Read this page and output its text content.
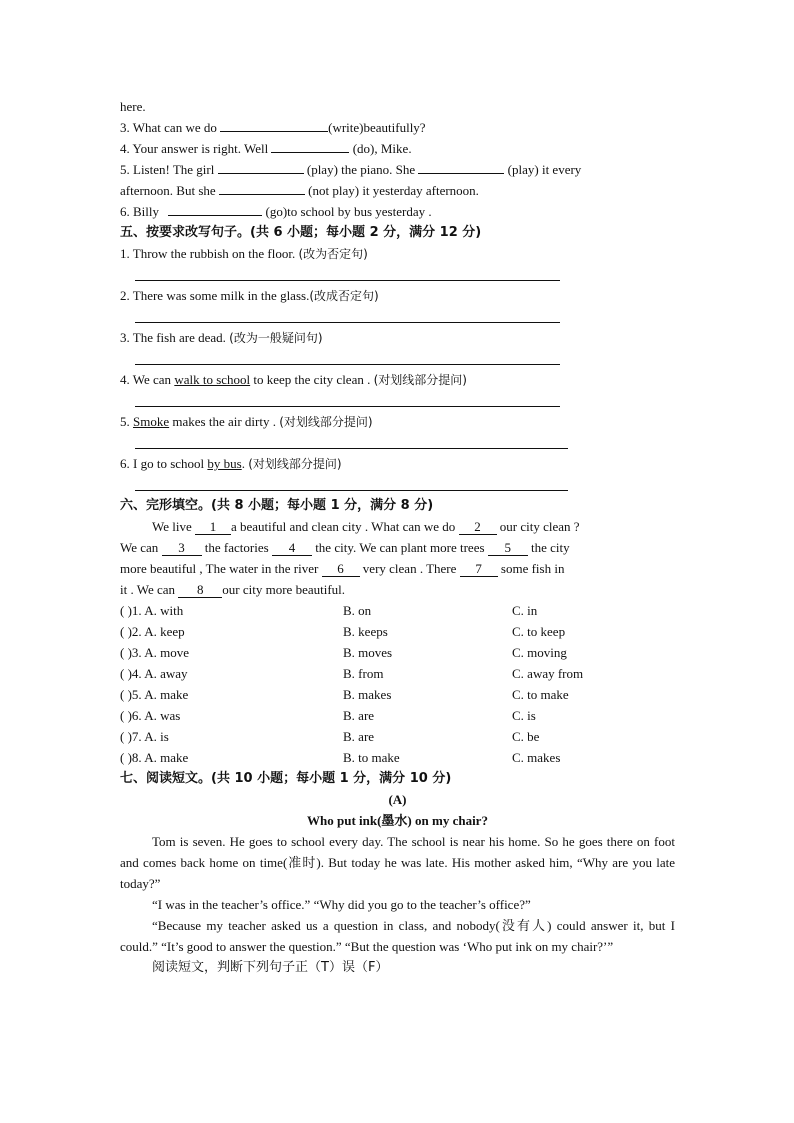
here.
3. What can we do	(write)beautifully?
4. Your answer is right. Well	(do), Mike.
5. Listen! The girl	(play) the piano. She	(play) it every
afternoon. But she	(not play) it yesterday afternoon.
6. Billy	(go)to school by bus yesterday .
五、按要求改写句子。(共 6 小题；每小题 2 分，满分 12 分)
1. Throw the rubbish on the floor. (改为否定句)
2. There was some milk in the glass.(改成否定句)
3. The fish are dead. (改为一般疑问句)
4. We can walk to school to keep the city clean . (对划线部分提问)
5. Smoke makes the air dirty . (对划线部分提问)
6. I go to school by bus. (对划线部分提问)
六、完形填空。(共 8 小题；每小题 1 分，满分 8 分)
We live 1 a beautiful and clean city . What can we do 2 our city clean ?
We can 3 the factories 4 the city. We can plant more trees 5 the city
more beautiful , The water in the river 6 very clean . There 7 some fish in
it . We can 8 our city more beautiful.
( )1. A. with	B. on	C. in
( )2. A. keep	B. keeps	C. to keep
( )3. A. move	B. moves	C. moving
( )4. A. away	B. from	C. away from
( )5. A. make	B. makes	C. to make
( )6. A. was	B. are	C. is
( )7. A. is	B. are	C. be
( )8. A. make	B. to make	C. makes
七、阅读短文。(共 10 小题；每小题 1 分，满分 10 分)
(A)
Who put ink(墨水) on my chair?
Tom is seven. He goes to school every day. The school is near his home. So he goes there on foot and comes back home on time(准时). But today he was late. His mother asked him, “Why are you late today?”
“I was in the teacher’s office.” “Why did you go to the teacher’s office?”
“Because my teacher asked us a question in class, and nobody(没有人) could answer it, but I could.” “It’s good to answer the question.” “But the question was ‘Who put ink on my chair?’”
阅读短文，判断下列句子正（T）误（F）
